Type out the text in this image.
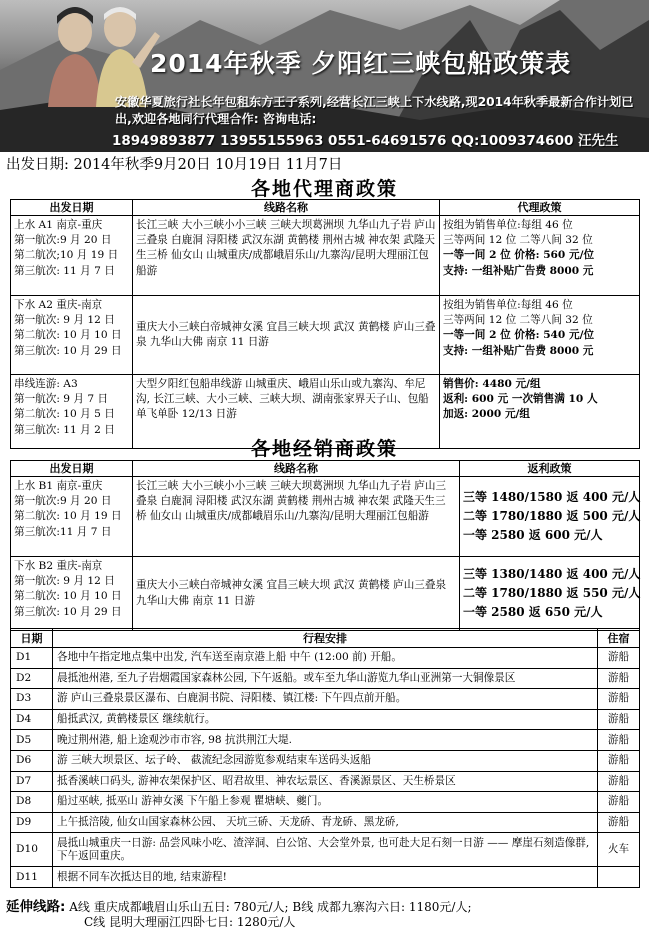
2014年秋季 夕阳红三峡包船政策表
安徽华夏旅行社长年包租东方王子系列,经营长江三峡上下水线路,现2014年秋季最新合作计划已出,欢迎各地同行代理合作: 咨询电话:
18949893877 13955155963 0551-64691576 QQ:1009374600 汪先生
出发日期: 2014年秋季9月20日 10月19日 11月7日
各地代理商政策
出发日期	线路名称	代理政策

上水 A1 南京-重庆
第一航次:9 月 20 日
第二航次;10 月 19 日
第三航次: 11 月 7 日	长江三峡 大小三峡小小三峡 三峡大坝葛洲坝 九华山九子岩 庐山三叠泉 白鹿洞 浔阳楼 武汉东湖 黄鹤楼 荆州古城 神农架 武隆天生三桥 仙女山 山城重庆/成都峨眉乐山/九寨沟/昆明大理丽江包船游	按组为销售单位:每组 46 位
三等两间 12 位 二等八间 32 位
一等一间 2 位 价格: 560 元/位
支持: 一组补贴广告费 8000 元

下水 A2 重庆-南京
第一航次: 9 月 12 日
第二航次: 10 月 10 日
第三航次: 10 月 29 日	重庆大小三峡白帝城神女溪 宜昌三峡大坝 武汉 黄鹤楼 庐山三叠泉 九华山大佛 南京 11 日游	按组为销售单位:每组 46 位
三等两间 12 位 二等八间 32 位
一等一间 2 位 价格: 540 元/位
支持: 一组补贴广告费 8000 元

串线连游: A3
第一航次: 9 月 7 日
第二航次: 10 月 5 日
第三航次: 11 月 2 日	大型夕阳红包船串线游 山城重庆、峨眉山乐山或九寨沟、牟尼沟, 长江三峡、大小三峡、三峡大坝、湖南张家界天子山、包船单飞单卧 12/13 日游	销售价: 4480 元/组
返利: 600 元 一次销售满 10 人
加返: 2000 元/组
各地经销商政策
出发日期	线路名称	返利政策

上水 B1 南京-重庆
第一航次:9 月 20 日
第二航次: 10 月 19 日
第三航次:11 月 7 日	长江三峡 大小三峡小小三峡 三峡大坝葛洲坝 九华山九子岩 庐山三叠泉 白鹿洞 浔阳楼 武汉东湖 黄鹤楼 荆州古城 神农架 武隆天生三桥 仙女山 山城重庆/成都峨眉乐山/九寨沟/昆明大理丽江包船游	三等 1480/1580 返 400 元/人
二等 1780/1880 返 500 元/人
一等 2580 返 600 元/人

下水 B2 重庆-南京
第一航次: 9 月 12 日
第二航次: 10 月 10 日
第三航次: 10 月 29 日	重庆大小三峡白帝城神女溪 宜昌三峡大坝 武汉 黄鹤楼 庐山三叠泉 九华山大佛 南京 11 日游	三等 1380/1480 返 400 元/人
二等 1780/1880 返 550 元/人
一等 2580 返 650 元/人
日期	行程安排	住宿
D1	各地中午指定地点集中出发, 汽车送至南京港上船 中午 (12:00 前) 开船。	游船
D2	晨抵池州港, 至九子岩烟霞国家森林公园, 下午返船。或车至九华山游览九华山亚洲第一大铜像景区	游船
D3	游 庐山三叠泉景区瀑布、白鹿洞书院、浔阳楼、镇江楼: 下午四点前开船。	游船
D4	船抵武汉, 黄鹤楼景区 继续航行。	游船
D5	晚过荆州港, 船上途观沙市市容, 98 抗洪荆江大堤.	游船
D6	游 三峡大坝景区、坛子岭、 截流纪念园游览参观结束车送码头返船	游船
D7	抵香溪峡口码头, 游神农架保护区、昭君故里、神农坛景区、香溪源景区、天生桥景区	游船
D8	船过巫峡, 抵巫山 游神女溪 下午船上参观 瞿塘峡、夔门。	游船
D9	上午抵涪陵, 仙女山国家森林公园、 天坑三硚、天龙硚、青龙硚、黑龙硚,	游船
D10	晨抵山城重庆一日游: 品尝风味小吃、渣滓洞、白公馆、大会堂外景, 也可赴大足石刻一日游 —— 摩崖石刻造像群, 下午返回重庆。	火车
D11	根据不同车次抵达目的地, 结束游程!	
延伸线路: A线 重庆成都峨眉山乐山五日: 780元/人; B线 成都九寨沟六日: 1180元/人;
C线 昆明大理丽江四卧七日: 1280元/人
